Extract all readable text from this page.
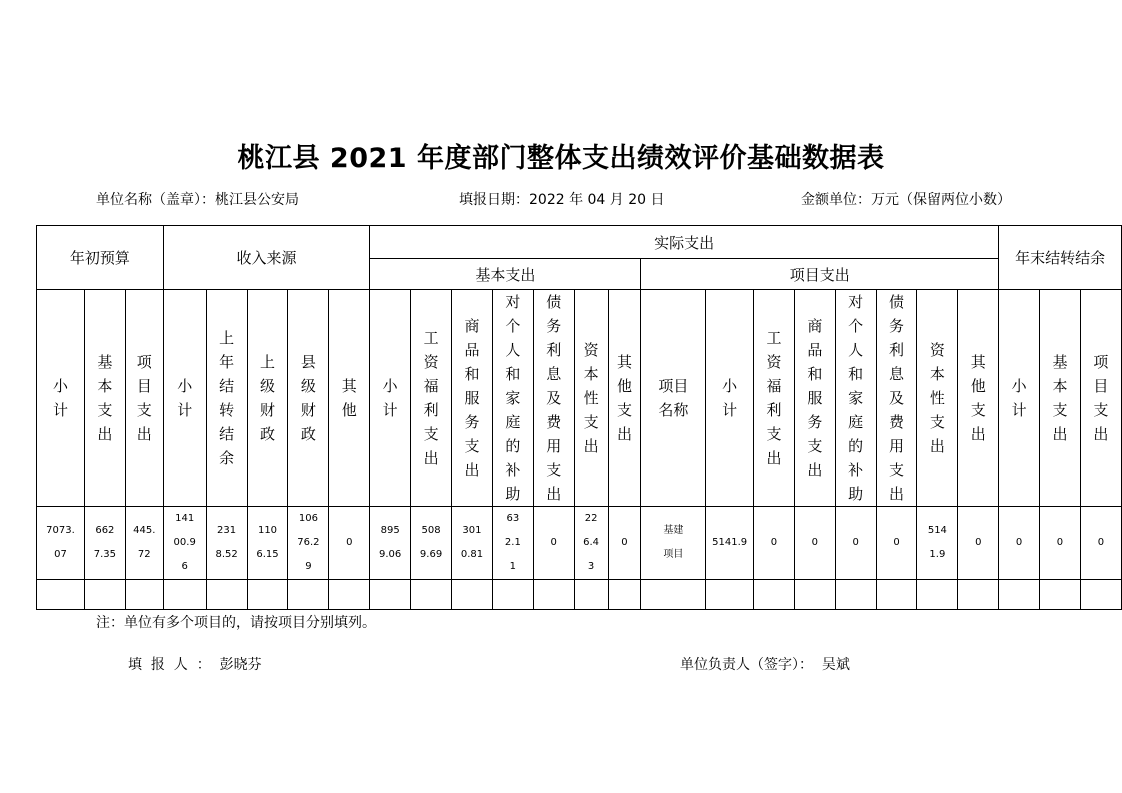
桃江县 2021 年度部门整体支出绩效评价基础数据表
单位名称（盖章）：桃江县公安局	填报日期：2022 年 04 月 20 日	金额单位：万元（保留两位小数）
年初预算			收入来源					实际支出															年末结转结余		
								基本支出							项目支出										

小计	基本支出	项目支出	小计	上年结转结余	上级财政	县级财政	其他	小计	工资福利支出	商品和服务支出	对个人和家庭的补助	债务利息及费用支出	资本性支出	其他支出	项目名称	小计	工资福利支出	商品和服务支出	对个人和家庭的补助	债务利息及费用支出	资本性支出	其他支出	小计	基本支出	项目支出

7073.07	6627.35	445.72	14100.96	2318.52	1106.15	10676.29	0	8959.06	5089.69	3010.81	632.11	0	226.43	0	基建项目	5141.9	0	0	0	0	5141.9	0	0	0	0

注：单位有多个项目的，请按项目分别填列。
填  报  人  ：  彭晓芬	单位负责人（签字）：  吴斌
